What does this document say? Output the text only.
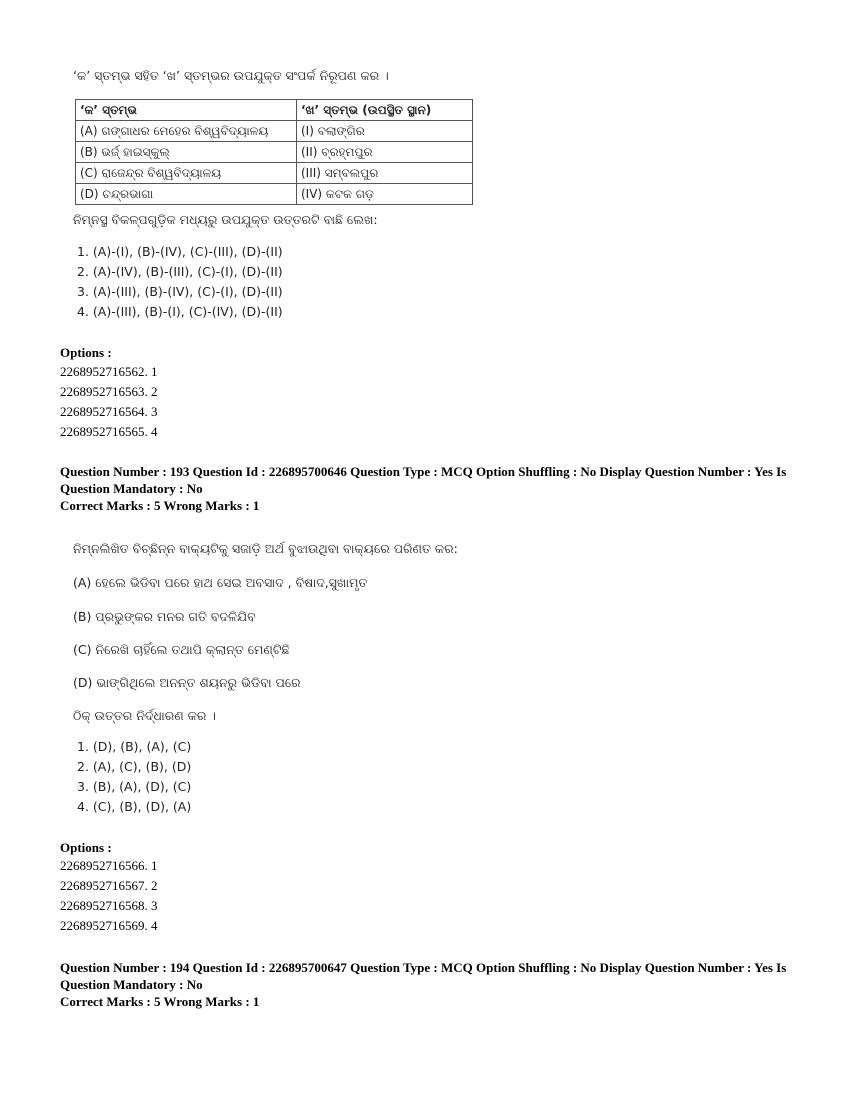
‘କ’ ସ୍ତମ୍ଭ ସହିତ ‘ଖ’ ସ୍ତମ୍ଭର ଉପଯୁକ୍ତ ସଂପର୍କ ନିରୂପଣ କର ।
‘କ’ ସ୍ତମ୍ଭ	‘ଖ’ ସ୍ତମ୍ଭ (ଉପସ୍ଥିତ ସ୍ଥାନ)
(A) ଗଙ୍ଗାଧର ମେହେର ବିଶ୍ୱବିଦ୍ୟାଳୟ	(I) ବଲାଙ୍ଗିର
(B) ଭର୍ଜ୍ ହାଇସ୍କୁଲ୍	(II) ବ୍ରହ୍ମପୁର
(C) ରାଜେନ୍ଦ୍ର ବିଶ୍ୱବିଦ୍ୟାଳୟ	(III) ସମ୍ବଲପୁର
(D) ଚନ୍ଦ୍ରଭାଗା	(IV) କଟକ ଗଡ଼
ନିମ୍ନସ୍ଥ ବିକଳ୍ପଗୁଡ଼ିକ ମଧ୍ୟରୁ ଉପଯୁକ୍ତ ଉତ୍ତରଟି ବାଛି ଲେଖ:
1. (A)-(I), (B)-(IV), (C)-(III), (D)-(II)
2. (A)-(IV), (B)-(III), (C)-(I), (D)-(II)
3. (A)-(III), (B)-(IV), (C)-(I), (D)-(II)
4. (A)-(III), (B)-(I), (C)-(IV), (D)-(II)
Options :
2268952716562. 1
2268952716563. 2
2268952716564. 3
2268952716565. 4
Question Number : 193 Question Id : 226895700646 Question Type : MCQ Option Shuffling : No Display Question Number : Yes Is
Question Mandatory : No
Correct Marks : 5 Wrong Marks : 1
ନିମ୍ନଲିଖିତ ବିଚ୍ଛିନ୍ନ ବାକ୍ୟଟିକୁ ସଜାଡ଼ି ଅର୍ଥ ବୁଝାଉଥିବା ବାକ୍ୟରେ ପରିଣତ କର:
(A) ହେଲେ ଭିଡିବା ପରେ ହାଥ ସେଇ ଅବସାଦ , ବିଷାଦ,ସୁଖାମୃତ
(B) ପ୍ରଭୁଙ୍କର ମନର ଗତି ବଦଳିଯିବ
(C) ନିରେଖି ଚାହିଁଲେ ତଥାପି କ୍ଲାନ୍ତ ମେଣ୍ଟିଛି
(D) ଭାଙ୍ଗିଥିଲେ ଅନନ୍ତ ଶୟନରୁ ଭିଡିବା ପରେ
ଠିକ୍ ଉତ୍ତର ନିର୍ଦ୍ଧାରଣ କର ।
1. (D), (B), (A), (C)
2. (A), (C), (B), (D)
3. (B), (A), (D), (C)
4. (C), (B), (D), (A)
Options :
2268952716566. 1
2268952716567. 2
2268952716568. 3
2268952716569. 4
Question Number : 194 Question Id : 226895700647 Question Type : MCQ Option Shuffling : No Display Question Number : Yes Is
Question Mandatory : No
Correct Marks : 5 Wrong Marks : 1
